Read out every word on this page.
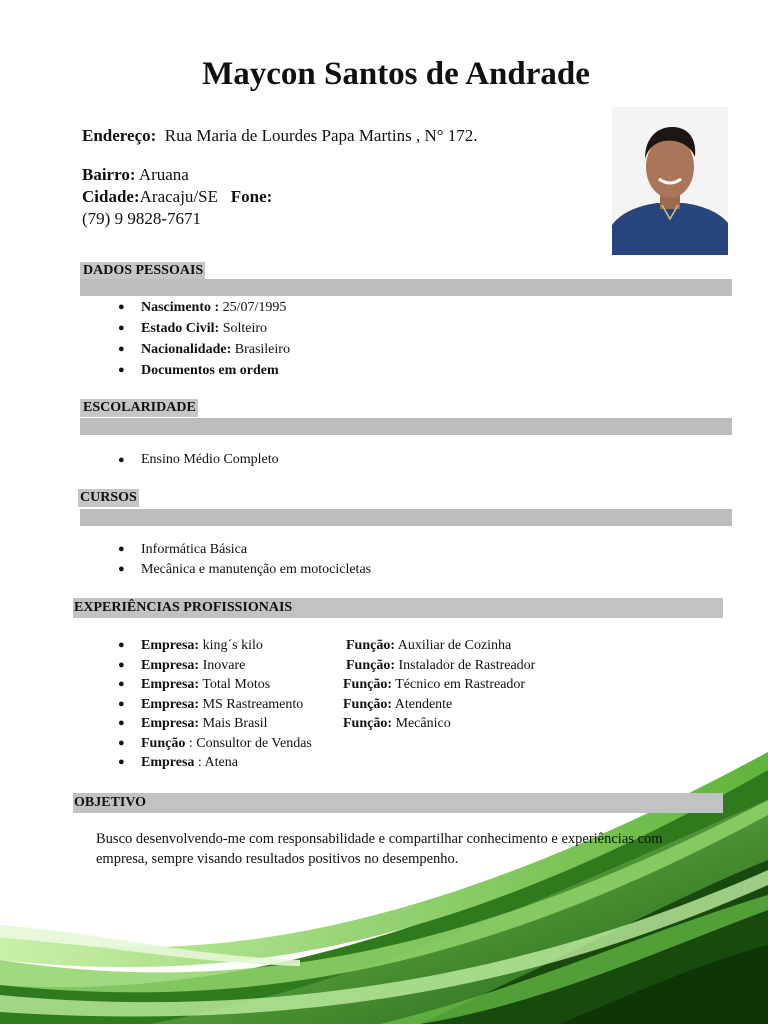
Maycon Santos de Andrade
Endereço: Rua Maria de Lourdes Papa Martins , N° 172.
Bairro: Aruana
Cidade:Aracaju/SE Fone:
(79) 9 9828-7671
DADOS PESSOAIS
● Nascimento : 25/07/1995
● Estado Civil: Solteiro
● Nacionalidade: Brasileiro
● Documentos em ordem
ESCOLARIDADE
● Ensino Médio Completo
CURSOS
● Informática Básica
● Mecânica e manutenção em motocicletas
EXPERIÊNCIAS PROFISSIONAIS
● Empresa: king´s kilo	Função: Auxiliar de Cozinha
● Empresa: Inovare	Função: Instalador de Rastreador
● Empresa: Total Motos	Função: Técnico em Rastreador
● Empresa: MS Rastreamento	Função: Atendente
● Empresa: Mais Brasil	Função: Mecânico
● Função : Consultor de Vendas
● Empresa : Atena
OBJETIVO
Busco desenvolvendo-me com responsabilidade e compartilhar conhecimento e experiências com empresa, sempre visando resultados positivos no desempenho.
